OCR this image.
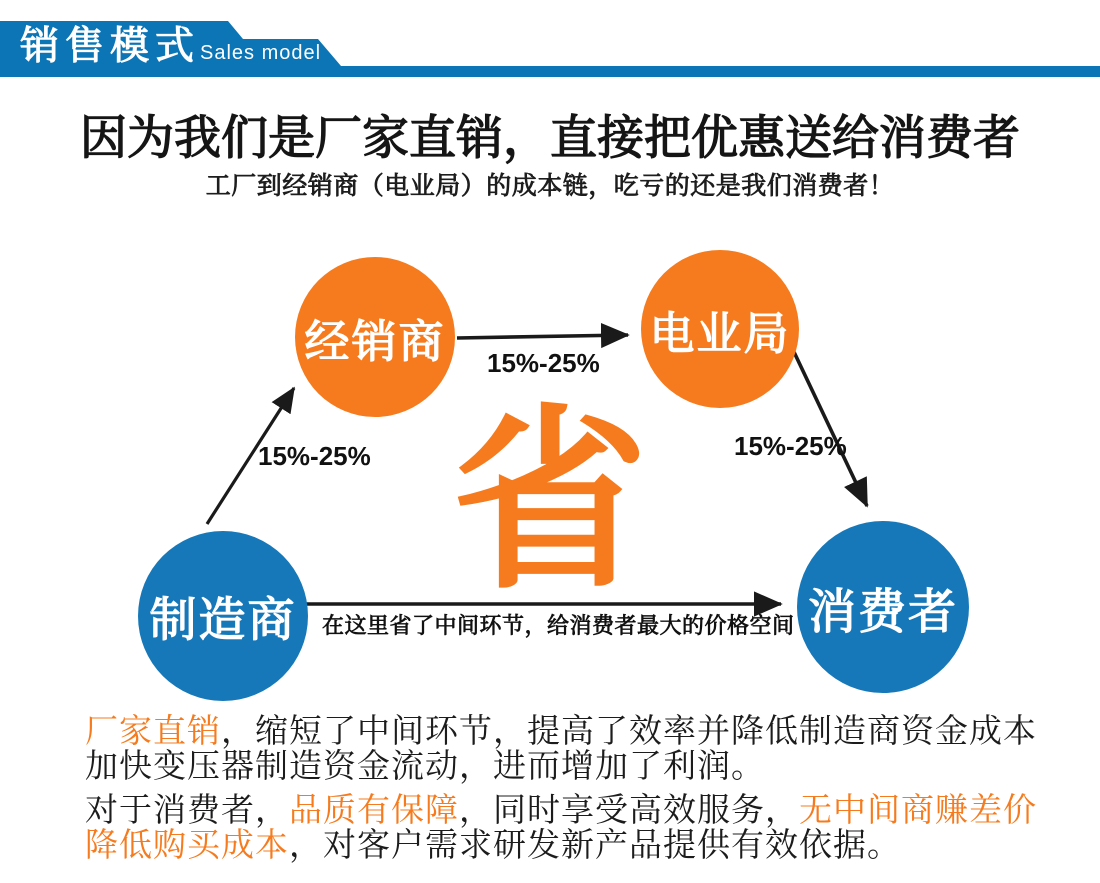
销售模式 Sales model
因为我们是厂家直销，直接把优惠送给消费者
工厂到经销商（电业局）的成本链，吃亏的还是我们消费者！
经销商	电业局
制造商	消费者
省
15%-25%
15%-25%
15%-25%
在这里省了中间环节，给消费者最大的价格空间
厂家直销，缩短了中间环节，提高了效率并降低制造商资金成本
加快变压器制造资金流动，进而增加了利润。
对于消费者，品质有保障，同时享受高效服务，无中间商赚差价
降低购买成本，对客户需求研发新产品提供有效依据。
